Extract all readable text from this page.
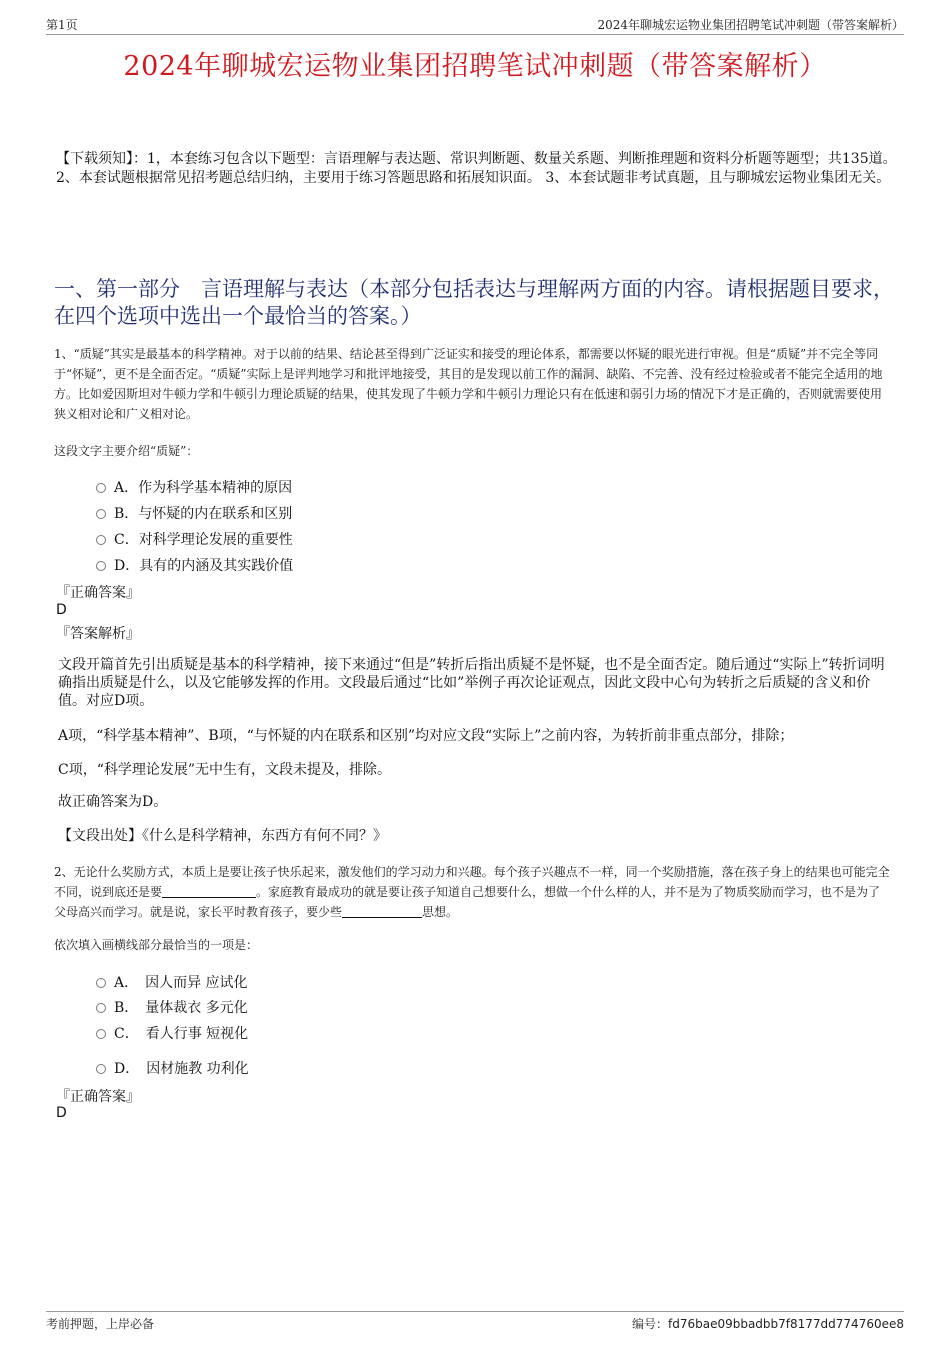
第1页	2024年聊城宏运物业集团招聘笔试冲刺题（带答案解析）
2024年聊城宏运物业集团招聘笔试冲刺题（带答案解析）
【下载须知】：1，本套练习包含以下题型：言语理解与表达题、常识判断题、数量关系题、判断推理题和资料分析题等题型；共135道。 2、本套试题根据常见招考题总结归纳，主要用于练习答题思路和拓展知识面。 3、本套试题非考试真题，且与聊城宏运物业集团无关。
一、第一部分　言语理解与表达（本部分包括表达与理解两方面的内容。请根据题目要求，在四个选项中选出一个最恰当的答案。）
1、“质疑”其实是最基本的科学精神。对于以前的结果、结论甚至得到广泛证实和接受的理论体系，都需要以怀疑的眼光进行审视。但是“质疑”并不完全等同于“怀疑”，更不是全面否定。“质疑”实际上是评判地学习和批评地接受，其目的是发现以前工作的漏洞、缺陷、不完善、没有经过检验或者不能完全适用的地方。比如爱因斯坦对牛顿力学和牛顿引力理论质疑的结果，使其发现了牛顿力学和牛顿引力理论只有在低速和弱引力场的情况下才是正确的，否则就需要使用狭义相对论和广义相对论。
这段文字主要介绍“质疑”：
A．作为科学基本精神的原因
B．与怀疑的内在联系和区别
C．对科学理论发展的重要性
D．具有的内涵及其实践价值
『正确答案』
D
『答案解析』
文段开篇首先引出质疑是基本的科学精神，接下来通过“但是”转折后指出质疑不是怀疑，也不是全面否定。随后通过“实际上”转折词明确指出质疑是什么，以及它能够发挥的作用。文段最后通过“比如”举例子再次论证观点，因此文段中心句为转折之后质疑的含义和价值。对应D项。
A项，“科学基本精神”、B项，“与怀疑的内在联系和区别”均对应文段“实际上”之前内容，为转折前非重点部分，排除；
C项，“科学理论发展”无中生有，文段未提及，排除。
故正确答案为D。
【文段出处】《什么是科学精神，东西方有何不同？》
2、无论什么奖励方式，本质上是要让孩子快乐起来，激发他们的学习动力和兴趣。每个孩子兴趣点不一样，同一个奖励措施，落在孩子身上的结果也可能完全不同，说到底还是要	。家庭教育最成功的就是要让孩子知道自己想要什么，想做一个什么样的人，并不是为了物质奖励而学习，也不是为了父母高兴而学习。就是说，家长平时教育孩子，要少些	思想。
依次填入画横线部分最恰当的一项是：
A．　因人而异 应试化
B．　量体裁衣 多元化
C．　看人行事 短视化
D．　因材施教 功利化
『正确答案』
D
考前押题，上岸必备	编号：fd76bae09bbadbb7f8177dd774760ee8
